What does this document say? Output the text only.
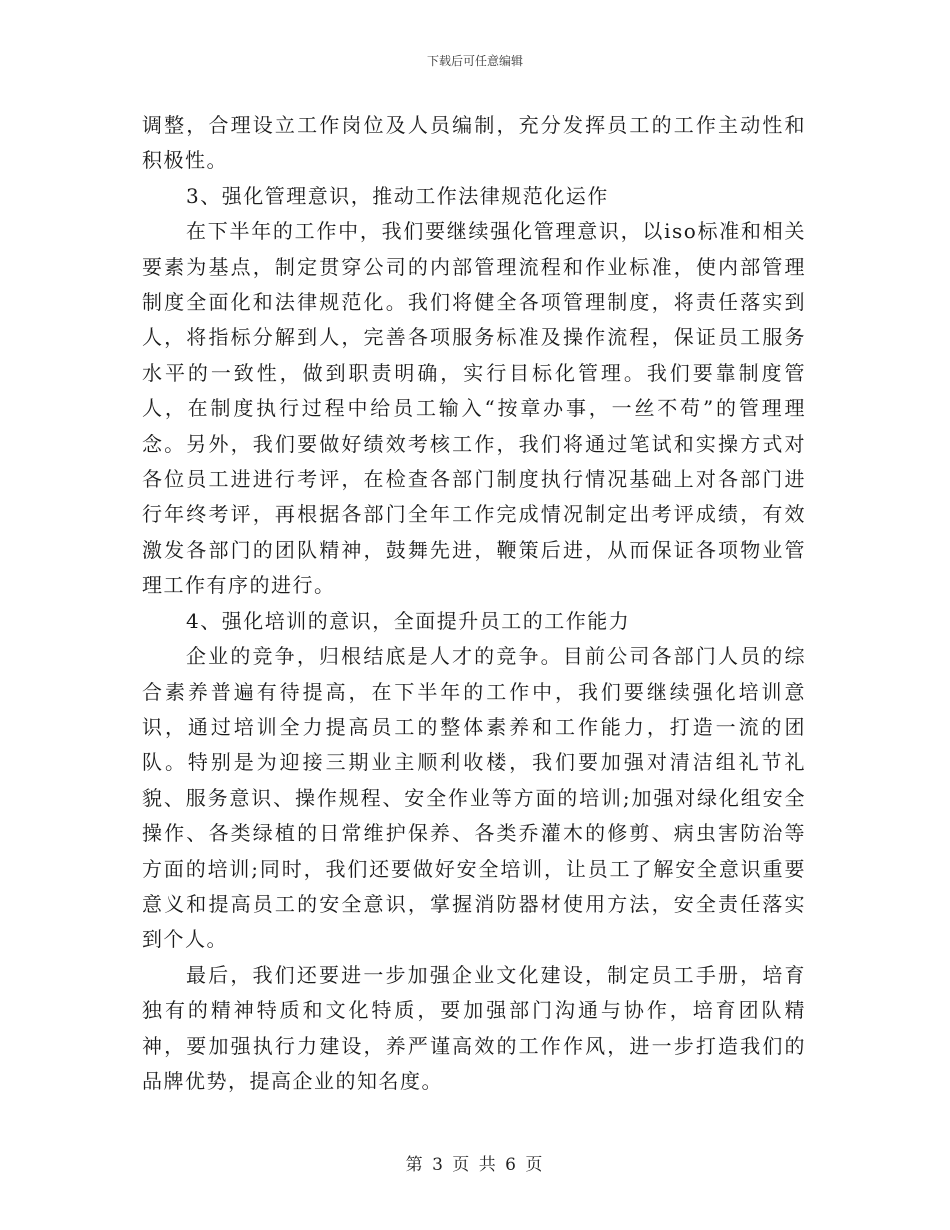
下载后可任意编辑

调整，合理设立工作岗位及人员编制，充分发挥员工的工作主动性和积极性。

3、强化管理意识，推动工作法律规范化运作

在下半年的工作中，我们要继续强化管理意识，以iso标准和相关要素为基点，制定贯穿公司的内部管理流程和作业标准，使内部管理制度全面化和法律规范化。我们将健全各项管理制度，将责任落实到人，将指标分解到人，完善各项服务标准及操作流程，保证员工服务水平的一致性，做到职责明确，实行目标化管理。我们要靠制度管人，在制度执行过程中给员工输入“按章办事，一丝不苟”的管理理念。另外，我们要做好绩效考核工作，我们将通过笔试和实操方式对各位员工进进行考评，在检查各部门制度执行情况基础上对各部门进行年终考评，再根据各部门全年工作完成情况制定出考评成绩，有效激发各部门的团队精神，鼓舞先进，鞭策后进，从而保证各项物业管理工作有序的进行。

4、强化培训的意识，全面提升员工的工作能力

企业的竞争，归根结底是人才的竞争。目前公司各部门人员的综合素养普遍有待提高，在下半年的工作中，我们要继续强化培训意识，通过培训全力提高员工的整体素养和工作能力，打造一流的团队。特别是为迎接三期业主顺利收楼，我们要加强对清洁组礼节礼貌、服务意识、操作规程、安全作业等方面的培训;加强对绿化组安全操作、各类绿植的日常维护保养、各类乔灌木的修剪、病虫害防治等方面的培训;同时，我们还要做好安全培训，让员工了解安全意识重要意义和提高员工的安全意识，掌握消防器材使用方法，安全责任落实到个人。

最后，我们还要进一步加强企业文化建设，制定员工手册，培育独有的精神特质和文化特质，要加强部门沟通与协作，培育团队精神，要加强执行力建设，养严谨高效的工作作风，进一步打造我们的品牌优势，提高企业的知名度。

第 3 页 共 6 页
